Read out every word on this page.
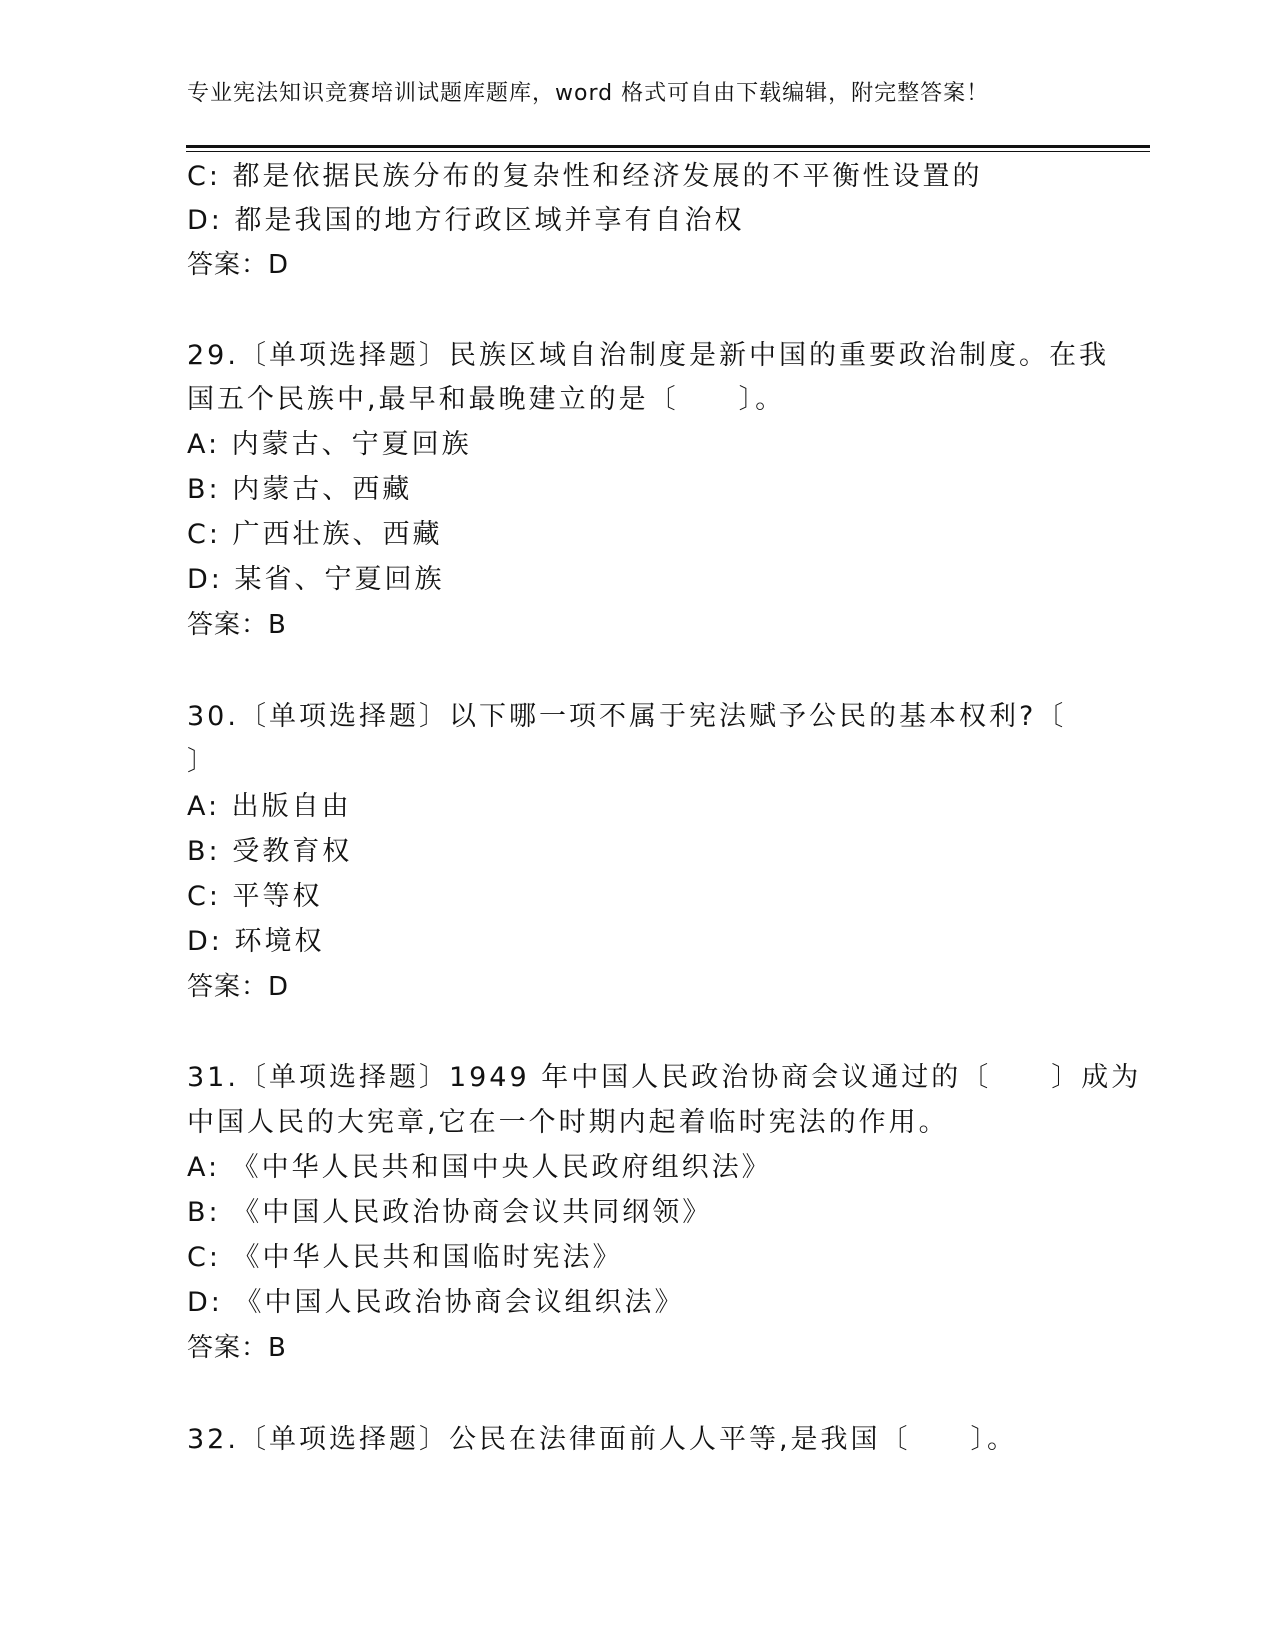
专业宪法知识竞赛培训试题库题库，word 格式可自由下载编辑，附完整答案！
C: 都是依据民族分布的复杂性和经济发展的不平衡性设置的
D: 都是我国的地方行政区域并享有自治权
答案：D
29.〔单项选择题〕民族区域自治制度是新中国的重要政治制度。在我
国五个民族中,最早和最晚建立的是〔　　〕。
A: 内蒙古、宁夏回族
B: 内蒙古、西藏
C: 广西壮族、西藏
D: 某省、宁夏回族
答案：B
30.〔单项选择题〕以下哪一项不属于宪法赋予公民的基本权利?〔
〕
A: 出版自由
B: 受教育权
C: 平等权
D: 环境权
答案：D
31.〔单项选择题〕1949 年中国人民政治协商会议通过的〔　　〕成为
中国人民的大宪章,它在一个时期内起着临时宪法的作用。
A: 《中华人民共和国中央人民政府组织法》
B: 《中国人民政治协商会议共同纲领》
C: 《中华人民共和国临时宪法》
D: 《中国人民政治协商会议组织法》
答案：B
32.〔单项选择题〕公民在法律面前人人平等,是我国〔　　〕。
